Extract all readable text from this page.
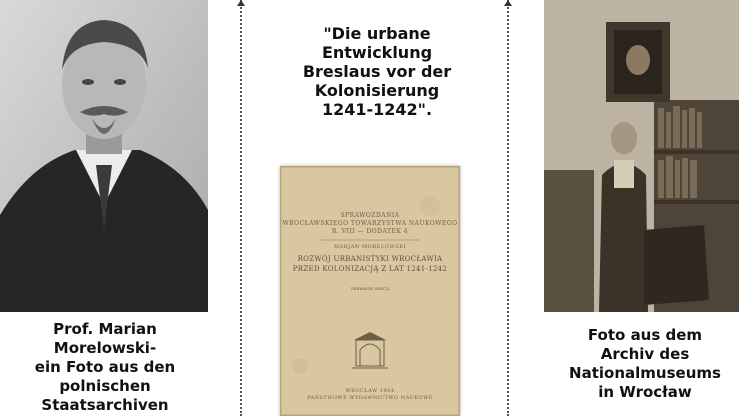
"Die urbane
Entwicklung
Breslaus vor der
Kolonisierung
1241-1242".
SPRAWOZDANIA
WROCŁAWSKIEGO TOWARZYSTWA NAUKOWEGO
R. VIII — DODATEK 4
MARJAN MORELOWSKI
ROZWÓJ URBANISTYKI WROCŁAWIA
PRZED KOLONIZACJĄ Z LAT 1241-1242
ZEBRANIE SEKCJI
WROCŁAW 1954
PAŃSTWOWE WYDAWNICTWO NAUKOWE
Prof. Marian
Morelowski-
ein Foto aus den
polnischen
Staatsarchiven
Foto aus dem
Archiv des
Nationalmuseums
in Wrocław
